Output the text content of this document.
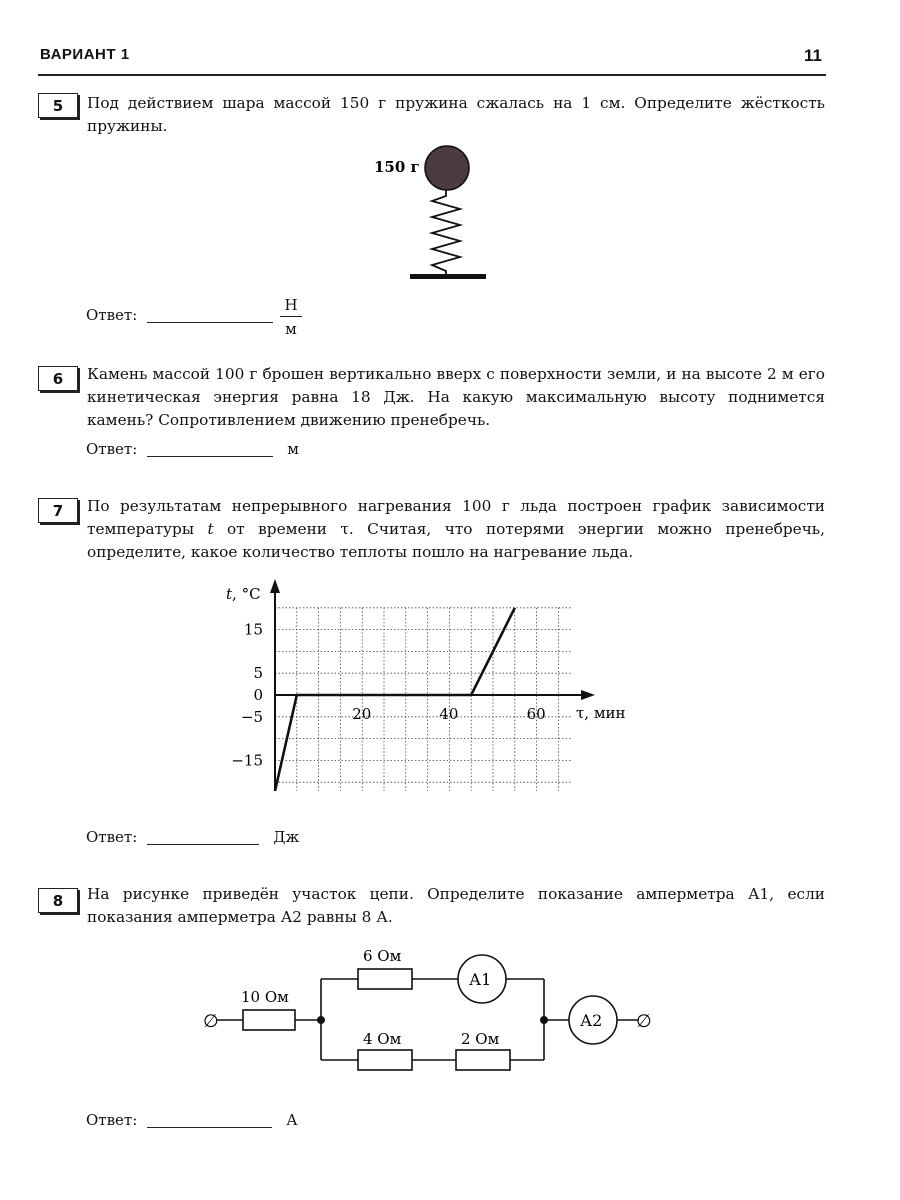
ВАРИАНТ 1	11
5	Под действием шара массой 150 г пружина сжалась на 1 см. Определите жёсткость пружины.

150 г
Ответ:
Н
м
6	Камень массой 100 г брошен вертикально вверх с поверхности земли, и на высоте 2 м его кинетическая энергия равна 18 Дж. На какую максимальную высоту поднимется камень? Сопротивлением движению пренебречь.

Ответ:	м
7	По результатам непрерывного нагревания 100 г льда построен график зависимости температуры t от времени τ. Считая, что потерями энергии можно пренебречь, определите, какое количество теплоты пошло на нагревание льда.

t, °С
τ, мин
20	40	60
15
5
0
−5
−15
Ответ:	Дж
8	На рисунке приведён участок цепи. Определите показание амперметра А1, если показания амперметра А2 равны 8 А.

∅	∅
10 Ом
6 Ом
4 Ом	2 Ом
А1
А2
Ответ:	А
